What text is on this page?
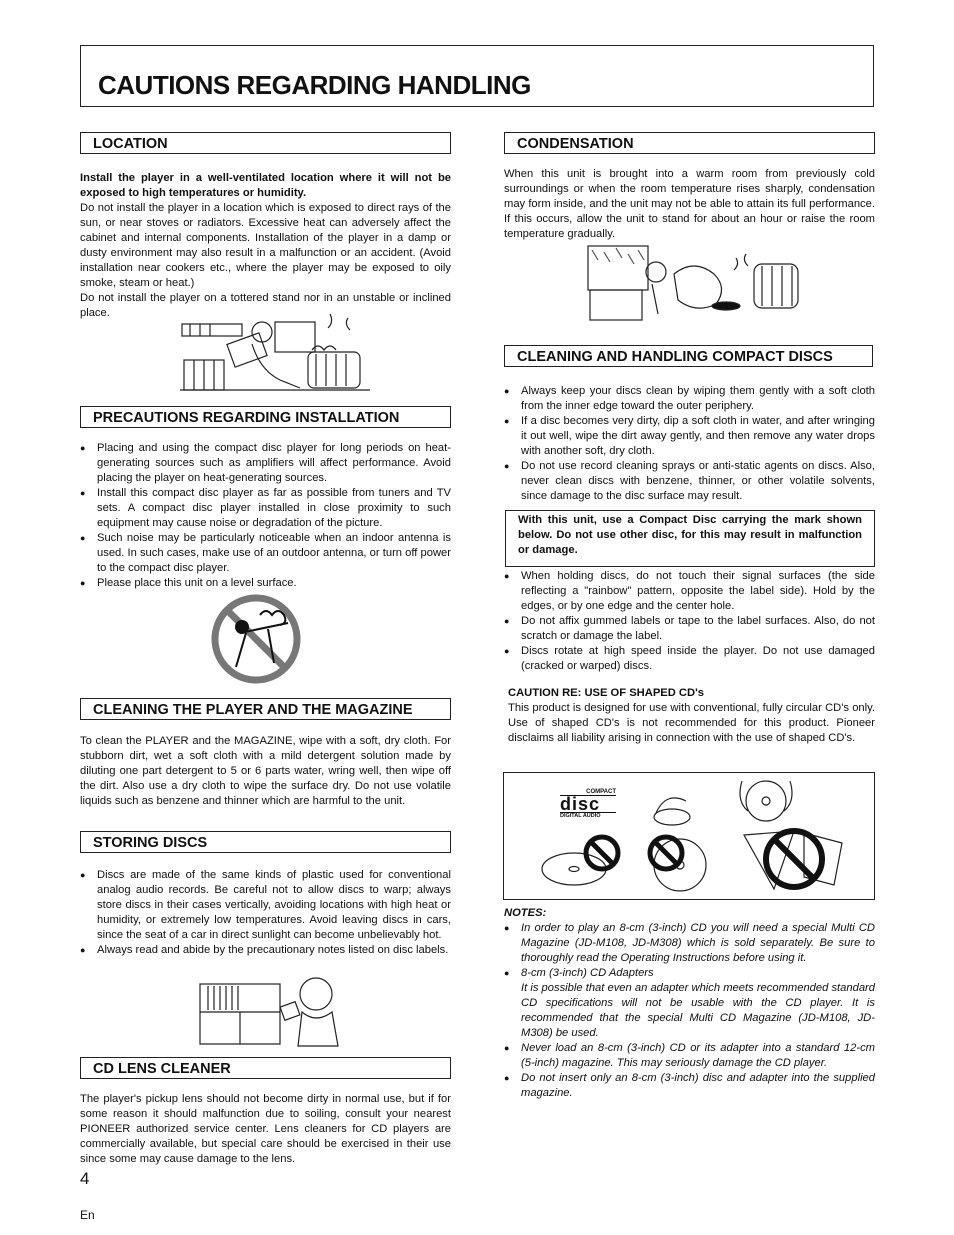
CAUTIONS REGARDING HANDLING
LOCATION

Install the player in a well-ventilated location where it will not be exposed to high temperatures or humidity.

Do not install the player in a location which is exposed to direct rays of the sun, or near stoves or radiators. Excessive heat can adversely affect the cabinet and internal components. Installation of the player in a damp or dusty environment may also result in a malfunction or an accident. (Avoid installation near cookers etc., where the player may be exposed to oily smoke, steam or heat.)

Do not install the player on a tottered stand nor in an unstable or inclined place.

PRECAUTIONS REGARDING INSTALLATION

● Placing and using the compact disc player for long periods on heat-generating sources such as amplifiers will affect performance. Avoid placing the player on heat-generating sources.

● Install this compact disc player as far as possible from tuners and TV sets. A compact disc player installed in close proximity to such equipment may cause noise or degradation of the picture.

● Such noise may be particularly noticeable when an indoor antenna is used. In such cases, make use of an outdoor antenna, or turn off power to the compact disc player.

● Please place this unit on a level surface.

CLEANING THE PLAYER AND THE MAGAZINE
To clean the PLAYER and the MAGAZINE, wipe with a soft, dry cloth. For stubborn dirt, wet a soft cloth with a mild detergent solution made by diluting one part detergent to 5 or 6 parts water, wring well, then wipe off the dirt. Also use a dry cloth to wipe the surface dry. Do not use volatile liquids such as benzene and thinner which are harmful to the unit.
STORING DISCS

● Discs are made of the same kinds of plastic used for conventional analog audio records. Be careful not to allow discs to warp; always store discs in their cases vertically, avoiding locations with high heat or humidity, or extremely low temperatures. Avoid leaving discs in cars, since the seat of a car in direct sunlight can become unbelievably hot.

● Always read and abide by the precautionary notes listed on disc labels.

CD LENS CLEANER
The player's pickup lens should not become dirty in normal use, but if for some reason it should malfunction due to soiling, consult your nearest PIONEER authorized service center. Lens cleaners for CD players are commercially available, but special care should be exercised in their use since some may cause damage to the lens.
CONDENSATION
When this unit is brought into a warm room from previously cold surroundings or when the room temperature rises sharply, condensation may form inside, and the unit may not be able to attain its full performance. If this occurs, allow the unit to stand for about an hour or raise the room temperature gradually.
CLEANING AND HANDLING COMPACT DISCS

● Always keep your discs clean by wiping them gently with a soft cloth from the inner edge toward the outer periphery.

● If a disc becomes very dirty, dip a soft cloth in water, and after wringing it out well, wipe the dirt away gently, and then remove any water drops with another soft, dry cloth.

● Do not use record cleaning sprays or anti-static agents on discs. Also, never clean discs with benzene, thinner, or other volatile solvents, since damage to the disc surface may result.

With this unit, use a Compact Disc carrying the mark shown below. Do not use other disc, for this may result in malfunction or damage.

● When holding discs, do not touch their signal surfaces (the side reflecting a "rainbow" pattern, opposite the label side). Hold by the edges, or by one edge and the center hole.

● Do not affix gummed labels or tape to the label surfaces. Also, do not scratch or damage the label.

● Discs rotate at high speed inside the player. Do not use damaged (cracked or warped) discs.

CAUTION RE: USE OF SHAPED CD's

This product is designed for use with conventional, fully circular CD's only. Use of shaped CD's is not recommended for this product. Pioneer disclaims all liability arising in connection with the use of shaped CD's.

COMPACT
disc
DIGITAL AUDIO

NOTES:

● In order to play an 8-cm (3-inch) CD you will need a special Multi CD Magazine (JD-M108, JD-M308) which is sold separately. Be sure to thoroughly read the Operating Instructions before using it.

● 8-cm (3-inch) CD Adapters

It is possible that even an adapter which meets recommended standard CD specifications will not be usable with the CD player. It is recommended that the special Multi CD Magazine (JD-M108, JD-M308) be used.

● Never load an 8-cm (3-inch) CD or its adapter into a standard 12-cm (5-inch) magazine. This may seriously damage the CD player.

● Do not insert only an 8-cm (3-inch) disc and adapter into the supplied magazine.

4
En
